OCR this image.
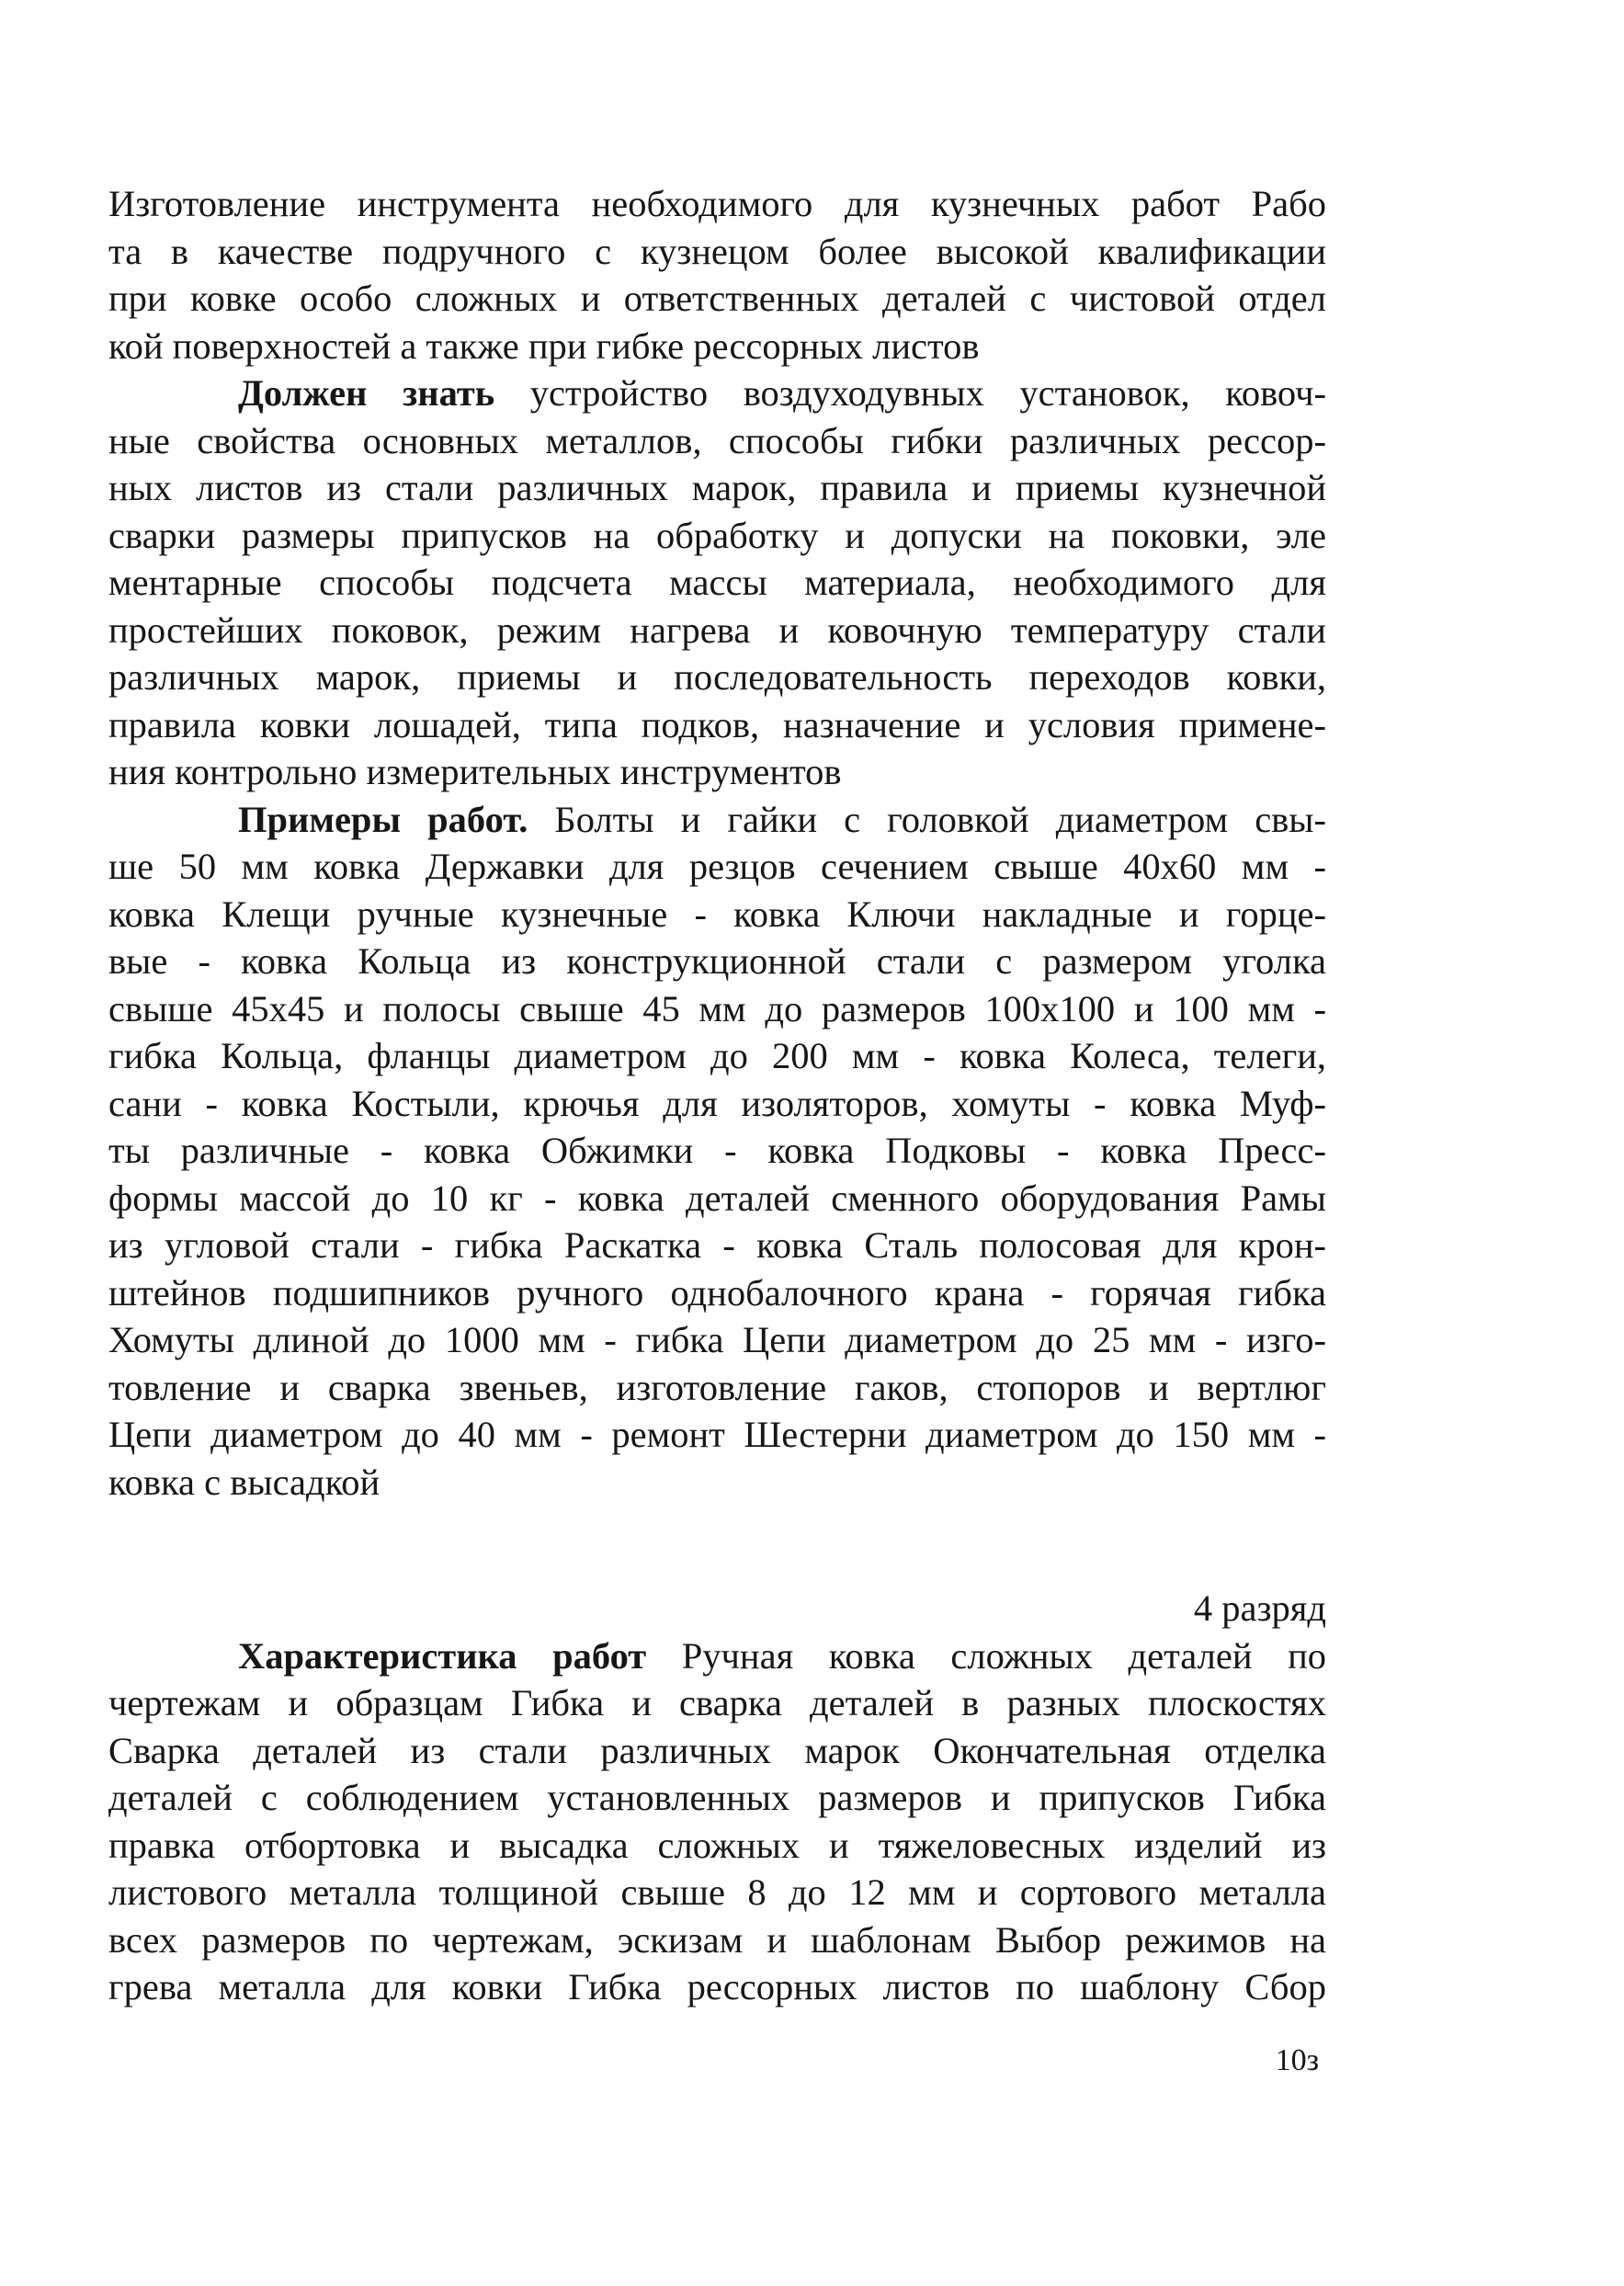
Изготовление инструмента необходимого для кузнечных работ Рабо
та в качестве подручного с кузнецом более высокой квалификации
при ковке особо сложных и ответственных деталей с чистовой отдел
кой поверхностей а также при гибке рессорных листов
Должен знать устройство воздуходувных установок, ковоч-
ные свойства основных металлов, способы гибки различных рессор-
ных листов из стали различных марок, правила и приемы кузнечной
сварки размеры припусков на обработку и допуски на поковки, эле
ментарные способы подсчета массы материала, необходимого для
простейших поковок, режим нагрева и ковочную температуру стали
различных марок, приемы и последовательность переходов ковки,
правила ковки лошадей, типа подков, назначение и условия примене-
ния контрольно измерительных инструментов
Примеры работ. Болты и гайки с головкой диаметром свы-
ше 50 мм ковка Державки для резцов сечением свыше 40х60 мм -
ковка Клещи ручные кузнечные - ковка Ключи накладные и горце-
вые - ковка Кольца из конструкционной стали с размером уголка
свыше 45х45 и полосы свыше 45 мм до размеров 100х100 и 100 мм -
гибка Кольца, фланцы диаметром до 200 мм - ковка Колеса, телеги,
сани - ковка Костыли, крючья для изоляторов, хомуты - ковка Муф-
ты различные - ковка Обжимки - ковка Подковы - ковка Пресс-
формы массой до 10 кг - ковка деталей сменного оборудования Рамы
из угловой стали - гибка Раскатка - ковка Сталь полосовая для крон-
штейнов подшипников ручного однобалочного крана - горячая гибка
Хомуты длиной до 1000 мм - гибка Цепи диаметром до 25 мм - изго-
товление и сварка звеньев, изготовление гаков, стопоров и вертлюг
Цепи диаметром до 40 мм - ремонт Шестерни диаметром до 150 мм -
ковка с высадкой
4 разряд
Характеристика работ Ручная ковка сложных деталей по
чертежам и образцам Гибка и сварка деталей в разных плоскостях
Сварка деталей из стали различных марок Окончательная отделка
деталей с соблюдением установленных размеров и припусков Гибка
правка отбортовка и высадка сложных и тяжеловесных изделий из
листового металла толщиной свыше 8 до 12 мм и сортового металла
всех размеров по чертежам, эскизам и шаблонам Выбор режимов на
грева металла для ковки Гибка рессорных листов по шаблону Сбор
10з
